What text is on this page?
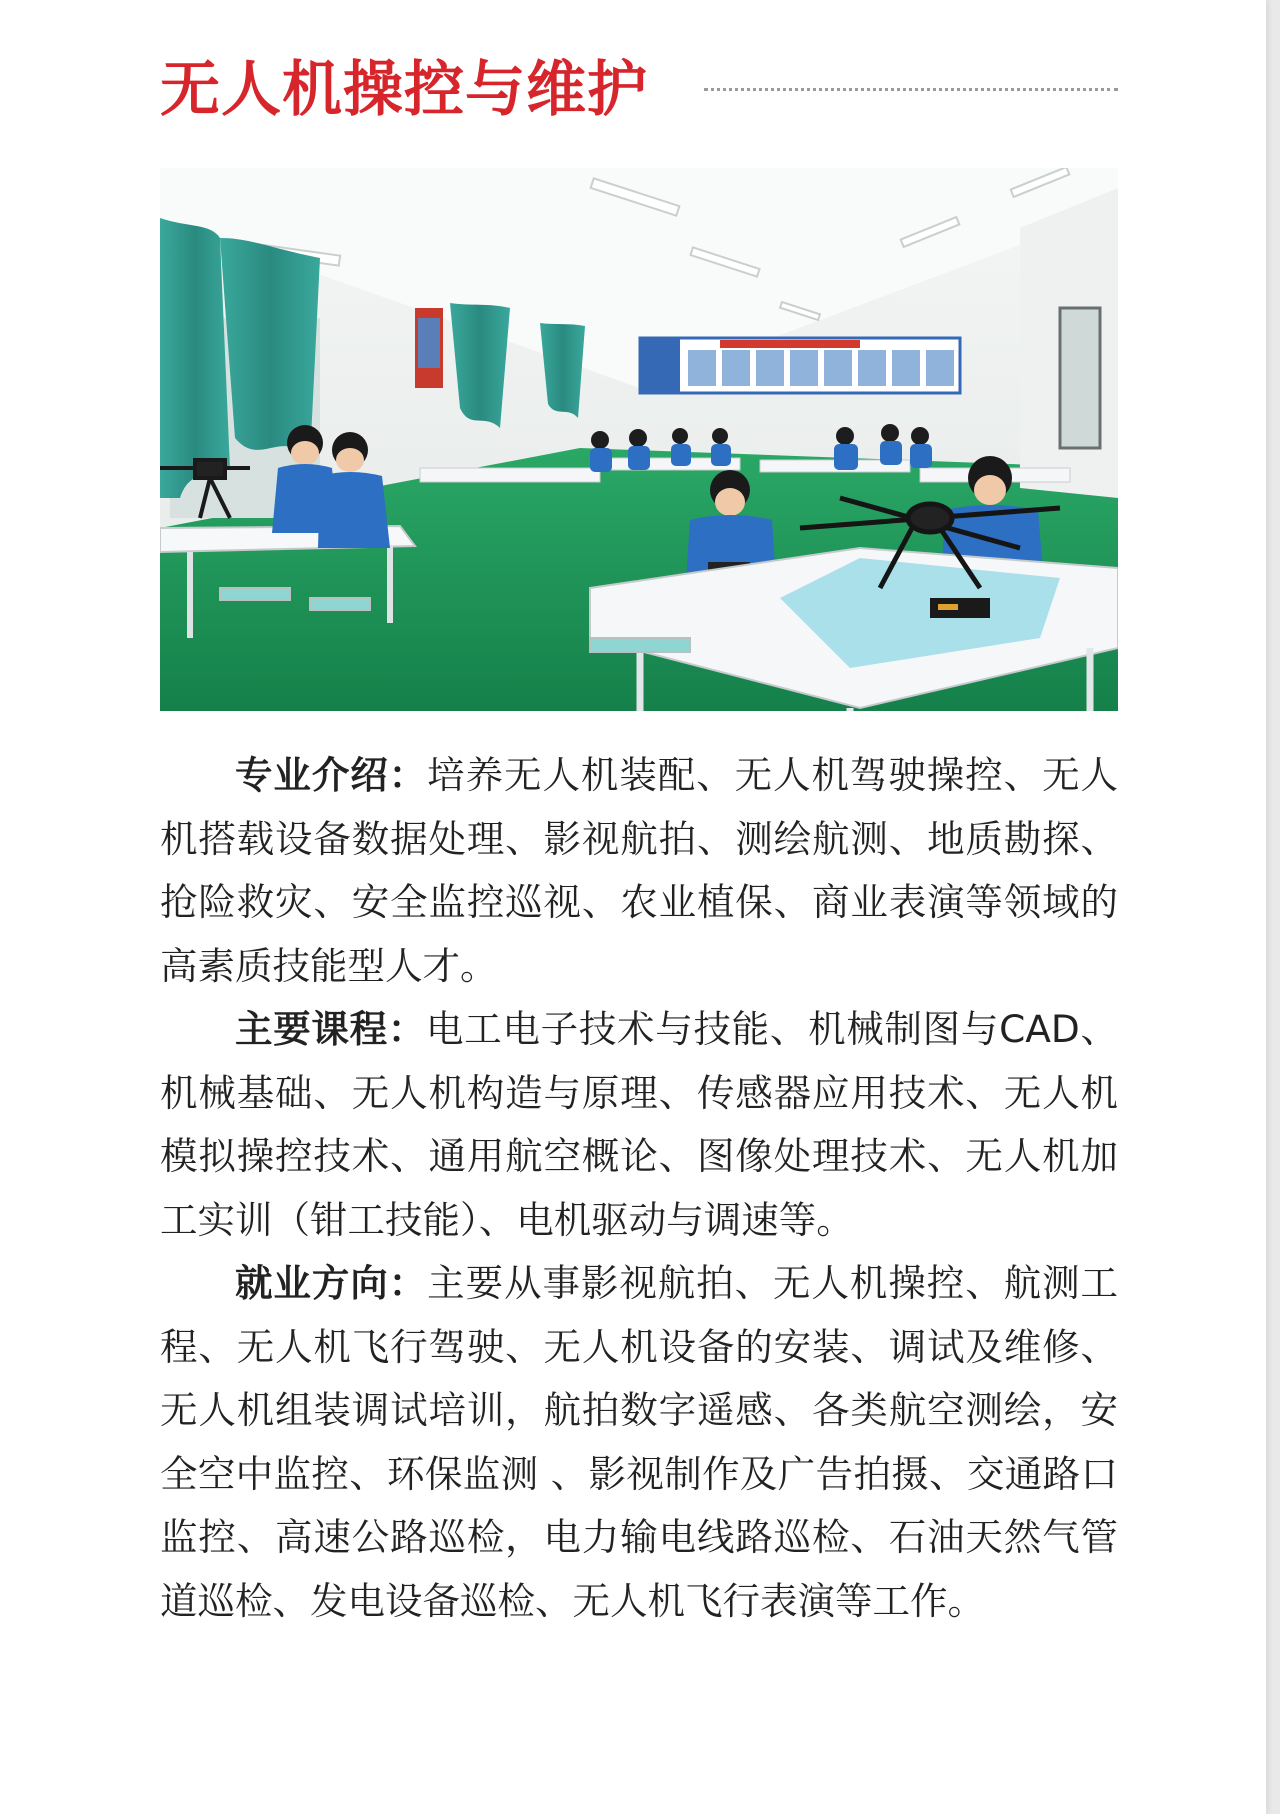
无人机操控与维护

专业介绍：培养无人机装配、无人机驾驶操控、无人机搭载设备数据处理、影视航拍、测绘航测、地质勘探、抢险救灾、安全监控巡视、农业植保、商业表演等领域的高素质技能型人才。

主要课程：电工电子技术与技能、机械制图与CAD、机械基础、无人机构造与原理、传感器应用技术、无人机模拟操控技术、通用航空概论、图像处理技术、无人机加工实训（钳工技能）、电机驱动与调速等。

就业方向：主要从事影视航拍、无人机操控、航测工程、无人机飞行驾驶、无人机设备的安装、调试及维修、无人机组装调试培训，航拍数字遥感、各类航空测绘，安全空中监控、环保监测 、影视制作及广告拍摄、交通路口监控、高速公路巡检，电力输电线路巡检、石油天然气管道巡检、发电设备巡检、无人机飞行表演等工作。
